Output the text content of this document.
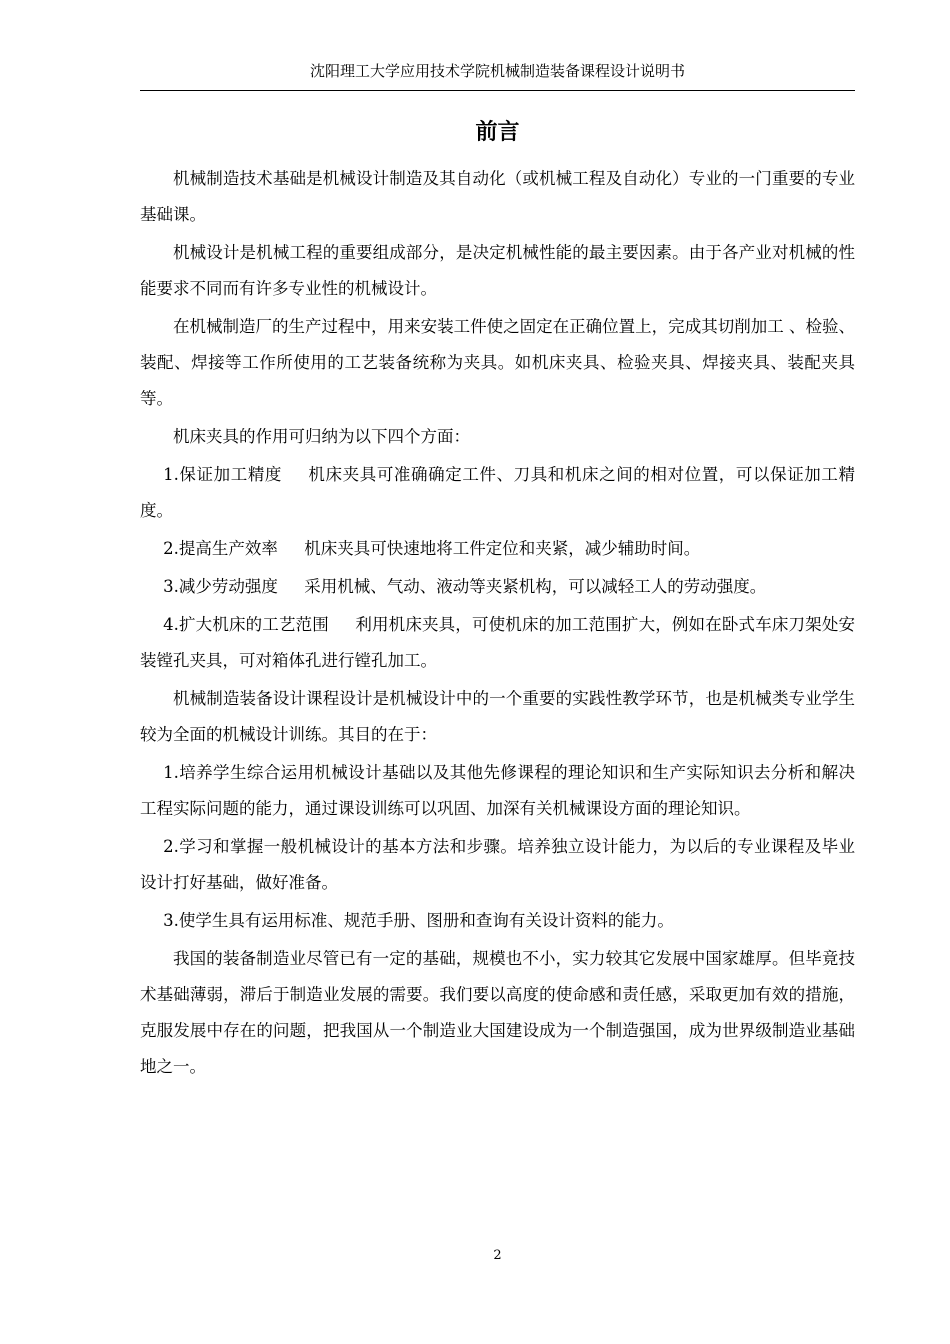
沈阳理工大学应用技术学院机械制造装备课程设计说明书
前言

机械制造技术基础是机械设计制造及其自动化（或机械工程及自动化）专业的一门重要的专业基础课。

机械设计是机械工程的重要组成部分，是决定机械性能的最主要因素。由于各产业对机械的性能要求不同而有许多专业性的机械设计。

在机械制造厂的生产过程中，用来安装工件使之固定在正确位置上，完成其切削加工 、检验、装配、焊接等工作所使用的工艺装备统称为夹具。如机床夹具、检验夹具、焊接夹具、装配夹具等。

机床夹具的作用可归纳为以下四个方面：

1.保证加工精度 机床夹具可准确确定工件、刀具和机床之间的相对位置，可以保证加工精度。

2.提高生产效率 机床夹具可快速地将工件定位和夹紧，减少辅助时间。

3.减少劳动强度 采用机械、气动、液动等夹紧机构，可以减轻工人的劳动强度。

4.扩大机床的工艺范围 利用机床夹具，可使机床的加工范围扩大，例如在卧式车床刀架处安装镗孔夹具，可对箱体孔进行镗孔加工。

机械制造装备设计课程设计是机械设计中的一个重要的实践性教学环节，也是机械类专业学生较为全面的机械设计训练。其目的在于：

1.培养学生综合运用机械设计基础以及其他先修课程的理论知识和生产实际知识去分析和解决工程实际问题的能力，通过课设训练可以巩固、加深有关机械课设方面的理论知识。

2.学习和掌握一般机械设计的基本方法和步骤。培养独立设计能力，为以后的专业课程及毕业设计打好基础，做好准备。

3.使学生具有运用标准、规范手册、图册和查询有关设计资料的能力。

我国的装备制造业尽管已有一定的基础，规模也不小，实力较其它发展中国家雄厚。但毕竟技术基础薄弱，滞后于制造业发展的需要。我们要以高度的使命感和责任感，采取更加有效的措施，克服发展中存在的问题，把我国从一个制造业大国建设成为一个制造强国，成为世界级制造业基础地之一。

2
